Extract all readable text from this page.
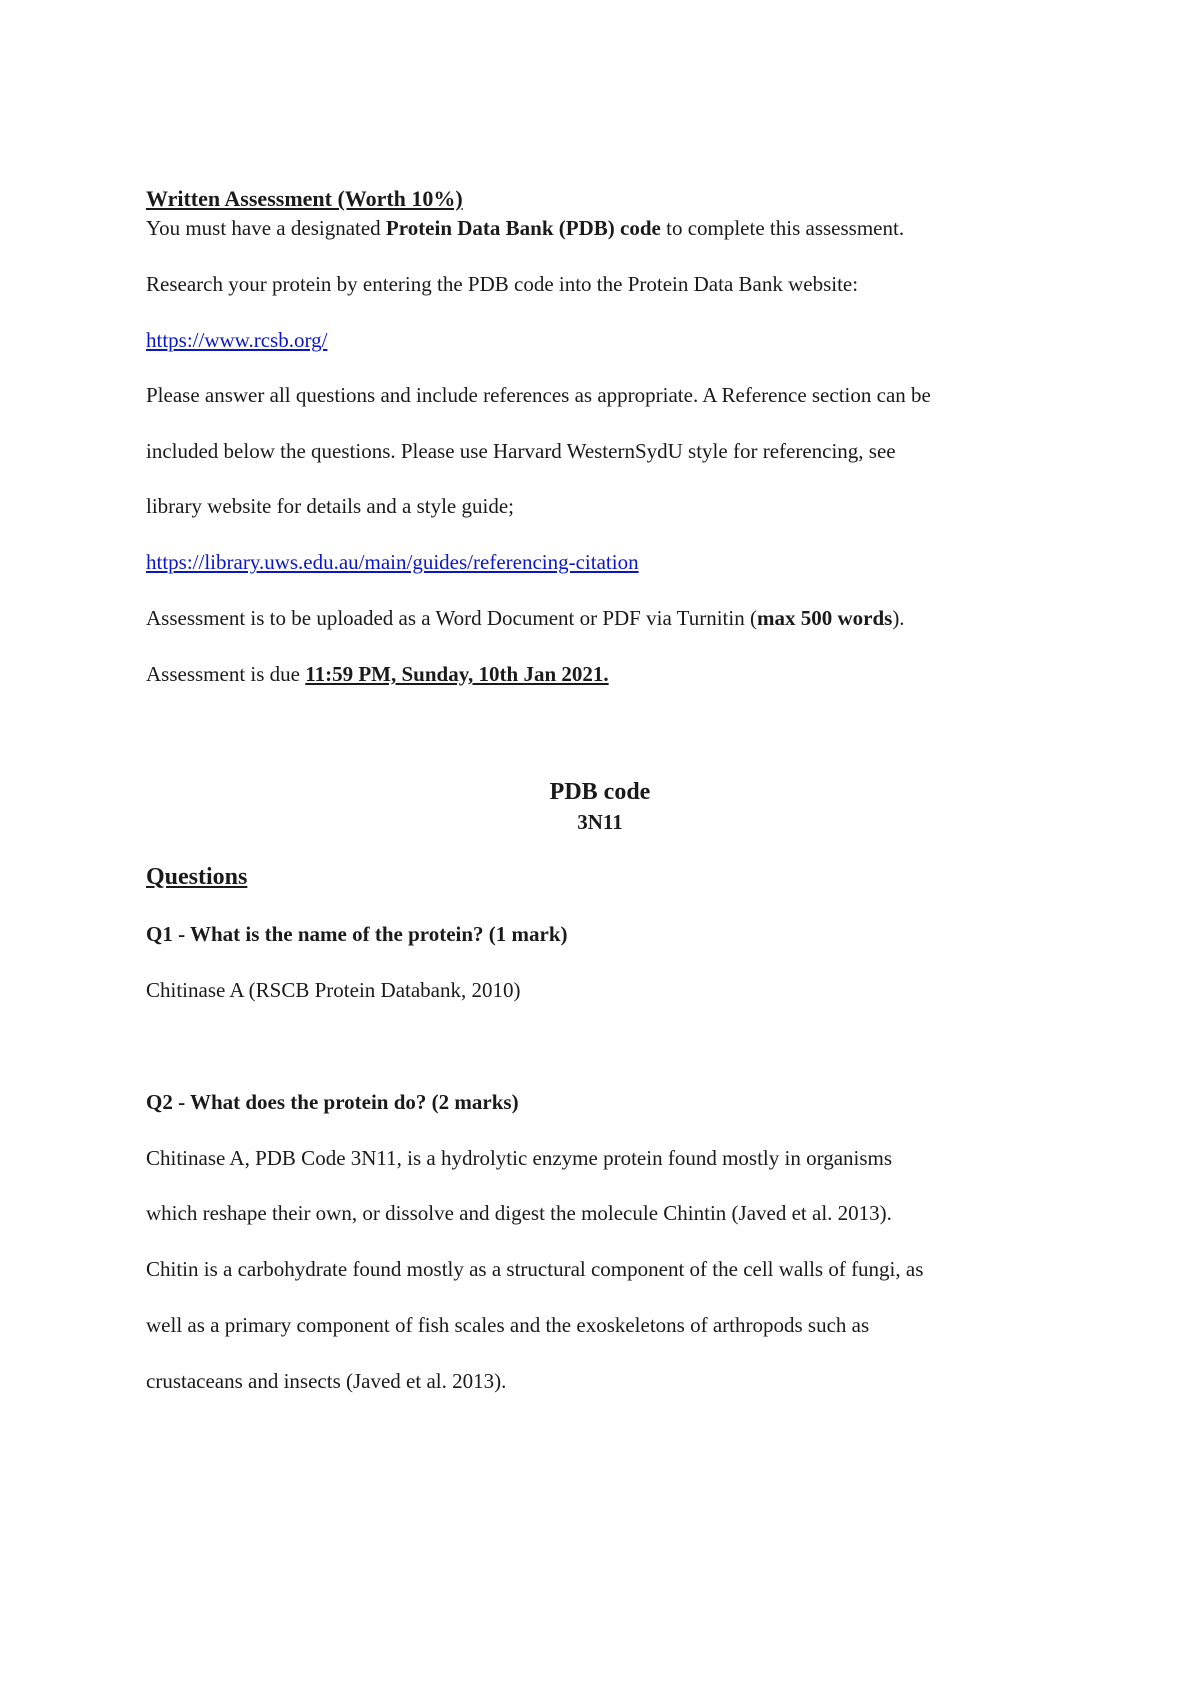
Written Assessment (Worth 10%)
You must have a designated Protein Data Bank (PDB) code to complete this assessment.
Research your protein by entering the PDB code into the Protein Data Bank website:
https://www.rcsb.org/
Please answer all questions and include references as appropriate. A Reference section can be
included below the questions. Please use Harvard WesternSydU style for referencing, see
library website for details and a style guide;
https://library.uws.edu.au/main/guides/referencing-citation
Assessment is to be uploaded as a Word Document or PDF via Turnitin (max 500 words).
Assessment is due 11:59 PM, Sunday, 10th Jan 2021.
PDB code
3N11
Questions
Q1 - What is the name of the protein? (1 mark)
Chitinase A (RSCB Protein Databank, 2010)
Q2 - What does the protein do? (2 marks)
Chitinase A, PDB Code 3N11, is a hydrolytic enzyme protein found mostly in organisms
which reshape their own, or dissolve and digest the molecule Chintin (Javed et al. 2013).
Chitin is a carbohydrate found mostly as a structural component of the cell walls of fungi, as
well as a primary component of fish scales and the exoskeletons of arthropods such as
crustaceans and insects (Javed et al. 2013).
